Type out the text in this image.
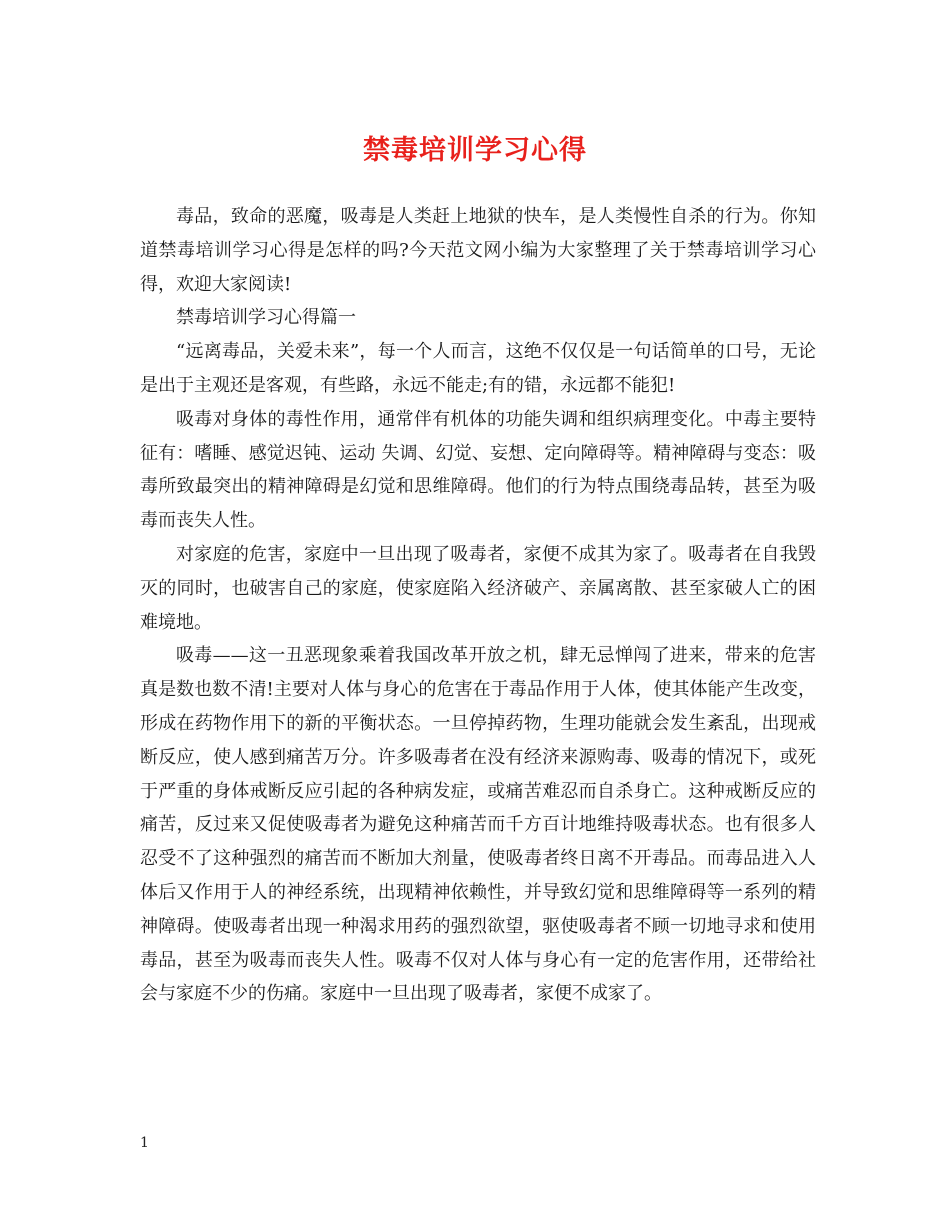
禁毒培训学习心得

毒品，致命的恶魔，吸毒是人类赶上地狱的快车，是人类慢性自杀的行为。你知道禁毒培训学习心得是怎样的吗?今天范文网小编为大家整理了关于禁毒培训学习心得，欢迎大家阅读!

禁毒培训学习心得篇一

“远离毒品，关爱未来”，每一个人而言，这绝不仅仅是一句话简单的口号，无论是出于主观还是客观，有些路，永远不能走;有的错，永远都不能犯!

吸毒对身体的毒性作用，通常伴有机体的功能失调和组织病理变化。中毒主要特征有：嗜睡、感觉迟钝、运动 失调、幻觉、妄想、定向障碍等。精神障碍与变态：吸毒所致最突出的精神障碍是幻觉和思维障碍。他们的行为特点围绕毒品转，甚至为吸毒而丧失人性。

对家庭的危害，家庭中一旦出现了吸毒者，家便不成其为家了。吸毒者在自我毁灭的同时，也破害自己的家庭，使家庭陷入经济破产、亲属离散、甚至家破人亡的困难境地。

吸毒——这一丑恶现象乘着我国改革开放之机，肆无忌惮闯了进来，带来的危害真是数也数不清!主要对人体与身心的危害在于毒品作用于人体，使其体能产生改变，形成在药物作用下的新的平衡状态。一旦停掉药物，生理功能就会发生紊乱，出现戒断反应，使人感到痛苦万分。许多吸毒者在没有经济来源购毒、吸毒的情况下，或死于严重的身体戒断反应引起的各种病发症，或痛苦难忍而自杀身亡。这种戒断反应的痛苦，反过来又促使吸毒者为避免这种痛苦而千方百计地维持吸毒状态。也有很多人忍受不了这种强烈的痛苦而不断加大剂量，使吸毒者终日离不开毒品。而毒品进入人体后又作用于人的神经系统，出现精神依赖性，并导致幻觉和思维障碍等一系列的精神障碍。使吸毒者出现一种渴求用药的强烈欲望，驱使吸毒者不顾一切地寻求和使用毒品，甚至为吸毒而丧失人性。吸毒不仅对人体与身心有一定的危害作用，还带给社会与家庭不少的伤痛。家庭中一旦出现了吸毒者，家便不成家了。

1
